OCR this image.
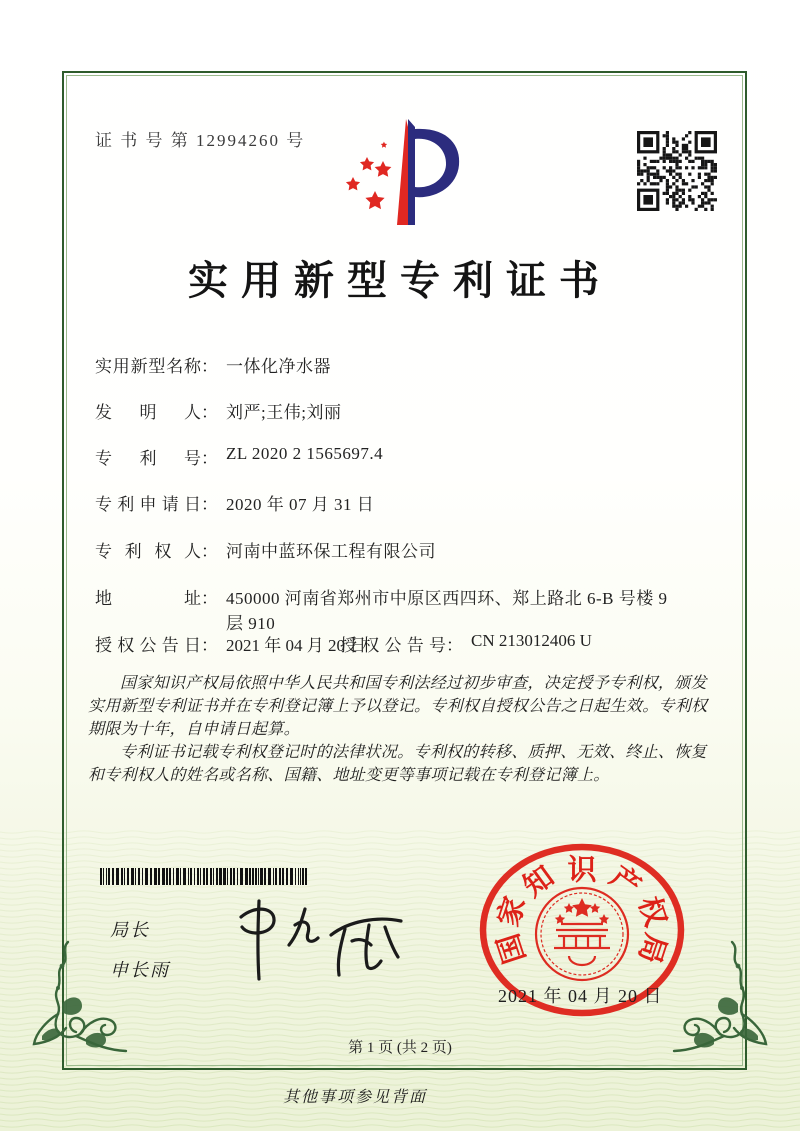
证 书 号 第 12994260 号
实用新型专利证书
实用新型名称： 一体化净水器
发明人： 刘严;王伟;刘丽
专利号： ZL 2020 2 1565697.4
专利申请日： 2020 年 07 月 31 日
专利权人： 河南中蓝环保工程有限公司
地址： 450000 河南省郑州市中原区西四环、郑上路北 6-B 号楼 9 层 910
授权公告日： 2021 年 04 月 20 日
授权公告号： CN 213012406 U

国家知识产权局依照中华人民共和国专利法经过初步审查，决定授予专利权，颁发实用新型专利证书并在专利登记簿上予以登记。专利权自授权公告之日起生效。专利权期限为十年，自申请日起算。

专利证书记载专利权登记时的法律状况。专利权的转移、质押、无效、终止、恢复和专利权人的姓名或名称、国籍、地址变更等事项记载在专利登记簿上。

局长
申长雨
国
家
知 识 产
权
局
2021 年 04 月 20 日
第 1 页 (共 2 页)
其他事项参见背面
